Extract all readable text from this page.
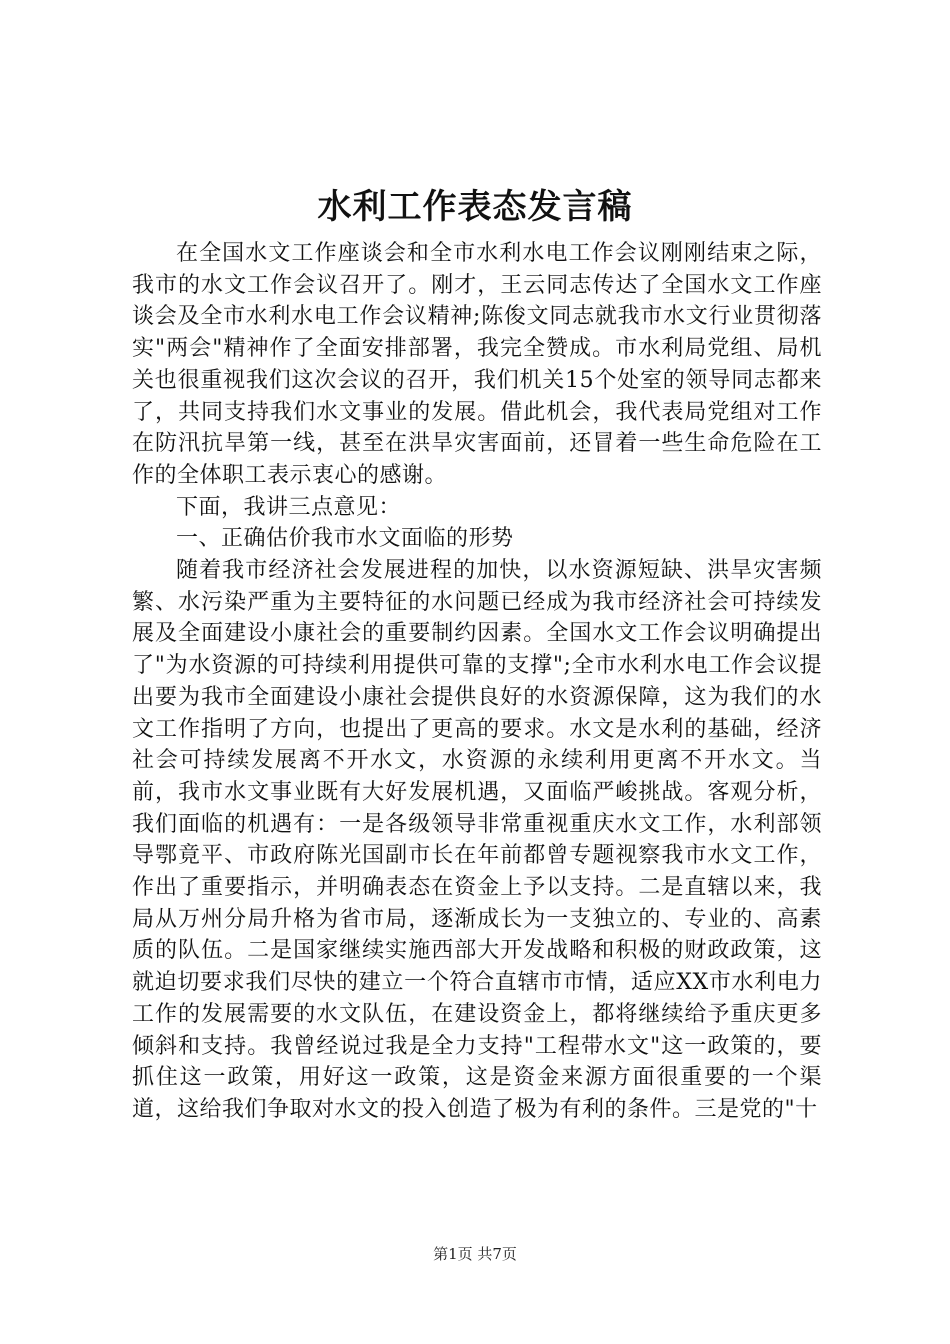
水利工作表态发言稿

在全国水文工作座谈会和全市水利水电工作会议刚刚结束之际，我市的水文工作会议召开了。刚才，王云同志传达了全国水文工作座谈会及全市水利水电工作会议精神;陈俊文同志就我市水文行业贯彻落实"两会"精神作了全面安排部署，我完全赞成。市水利局党组、局机关也很重视我们这次会议的召开，我们机关15个处室的领导同志都来了，共同支持我们水文事业的发展。借此机会，我代表局党组对工作在防汛抗旱第一线，甚至在洪旱灾害面前，还冒着一些生命危险在工作的全体职工表示衷心的感谢。

下面，我讲三点意见：

一、正确估价我市水文面临的形势

随着我市经济社会发展进程的加快，以水资源短缺、洪旱灾害频繁、水污染严重为主要特征的水问题已经成为我市经济社会可持续发展及全面建设小康社会的重要制约因素。全国水文工作会议明确提出了"为水资源的可持续利用提供可靠的支撑";全市水利水电工作会议提出要为我市全面建设小康社会提供良好的水资源保障，这为我们的水文工作指明了方向，也提出了更高的要求。水文是水利的基础，经济社会可持续发展离不开水文，水资源的永续利用更离不开水文。当前，我市水文事业既有大好发展机遇，又面临严峻挑战。客观分析，我们面临的机遇有：一是各级领导非常重视重庆水文工作，水利部领导鄂竟平、市政府陈光国副市长在年前都曾专题视察我市水文工作，作出了重要指示，并明确表态在资金上予以支持。二是直辖以来，我局从万州分局升格为省市局，逐渐成长为一支独立的、专业的、高素质的队伍。二是国家继续实施西部大开发战略和积极的财政政策，这就迫切要求我们尽快的建立一个符合直辖市市情，适应XX市水利电力工作的发展需要的水文队伍，在建设资金上，都将继续给予重庆更多倾斜和支持。我曾经说过我是全力支持"工程带水文"这一政策的，要抓住这一政策，用好这一政策，这是资金来源方面很重要的一个渠道，这给我们争取对水文的投入创造了极为有利的条件。三是党的"十

第1页 共7页
